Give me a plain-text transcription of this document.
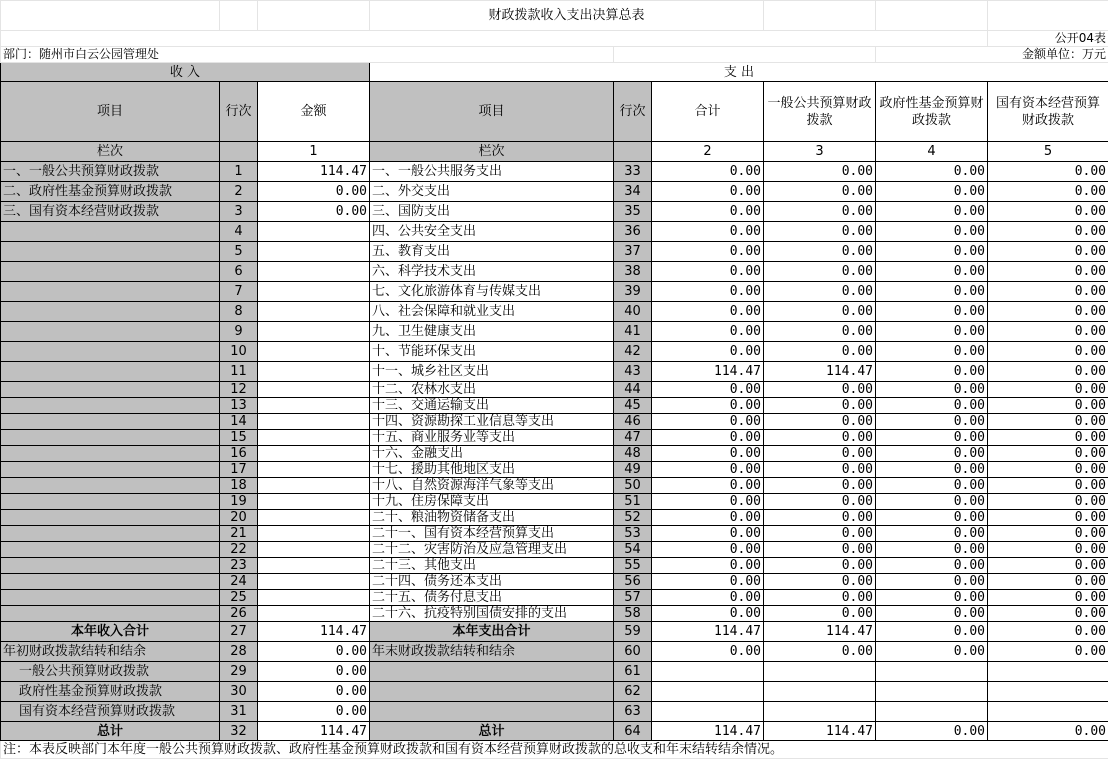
			财政拨款收入支出决算总表					
								公开04表
部门：随州市白云公园管理处							金额单位：万元	
收 入			支 出					
项目	行次	金额	项目	行次	合计	一般公共预算财政拨款	政府性基金预算财政拨款	国有资本经营预算财政拨款
栏次		1	栏次		2	3	4	5
一、一般公共预算财政拨款	1	114.47	一、一般公共服务支出	33	0.00	0.00	0.00	0.00
二、政府性基金预算财政拨款	2	0.00	二、外交支出	34	0.00	0.00	0.00	0.00
三、国有资本经营财政拨款	3	0.00	三、国防支出	35	0.00	0.00	0.00	0.00
	4		四、公共安全支出	36	0.00	0.00	0.00	0.00
	5		五、教育支出	37	0.00	0.00	0.00	0.00
	6		六、科学技术支出	38	0.00	0.00	0.00	0.00
	7		七、文化旅游体育与传媒支出	39	0.00	0.00	0.00	0.00
	8		八、社会保障和就业支出	40	0.00	0.00	0.00	0.00
	9		九、卫生健康支出	41	0.00	0.00	0.00	0.00
	10		十、节能环保支出	42	0.00	0.00	0.00	0.00
	11		十一、城乡社区支出	43	114.47	114.47	0.00	0.00
	12		十二、农林水支出	44	0.00	0.00	0.00	0.00
	13		十三、交通运输支出	45	0.00	0.00	0.00	0.00
	14		十四、资源勘探工业信息等支出	46	0.00	0.00	0.00	0.00
	15		十五、商业服务业等支出	47	0.00	0.00	0.00	0.00
	16		十六、金融支出	48	0.00	0.00	0.00	0.00
	17		十七、援助其他地区支出	49	0.00	0.00	0.00	0.00
	18		十八、自然资源海洋气象等支出	50	0.00	0.00	0.00	0.00
	19		十九、住房保障支出	51	0.00	0.00	0.00	0.00
	20		二十、粮油物资储备支出	52	0.00	0.00	0.00	0.00
	21		二十一、国有资本经营预算支出	53	0.00	0.00	0.00	0.00
	22		二十二、灾害防治及应急管理支出	54	0.00	0.00	0.00	0.00
	23		二十三、其他支出	55	0.00	0.00	0.00	0.00
	24		二十四、债务还本支出	56	0.00	0.00	0.00	0.00
	25		二十五、债务付息支出	57	0.00	0.00	0.00	0.00
	26		二十六、抗疫特别国债安排的支出	58	0.00	0.00	0.00	0.00
本年收入合计	27	114.47	本年支出合计	59	114.47	114.47	0.00	0.00
年初财政拨款结转和结余	28	0.00	年末财政拨款结转和结余	60	0.00	0.00	0.00	0.00
一般公共预算财政拨款	29	0.00		61				
政府性基金预算财政拨款	30	0.00		62				
国有资本经营预算财政拨款	31	0.00		63				
总计	32	114.47	总计	64	114.47	114.47	0.00	0.00
注：本表反映部门本年度一般公共预算财政拨款、政府性基金预算财政拨款和国有资本经营预算财政拨款的总收支和年末结转结余情况。								
